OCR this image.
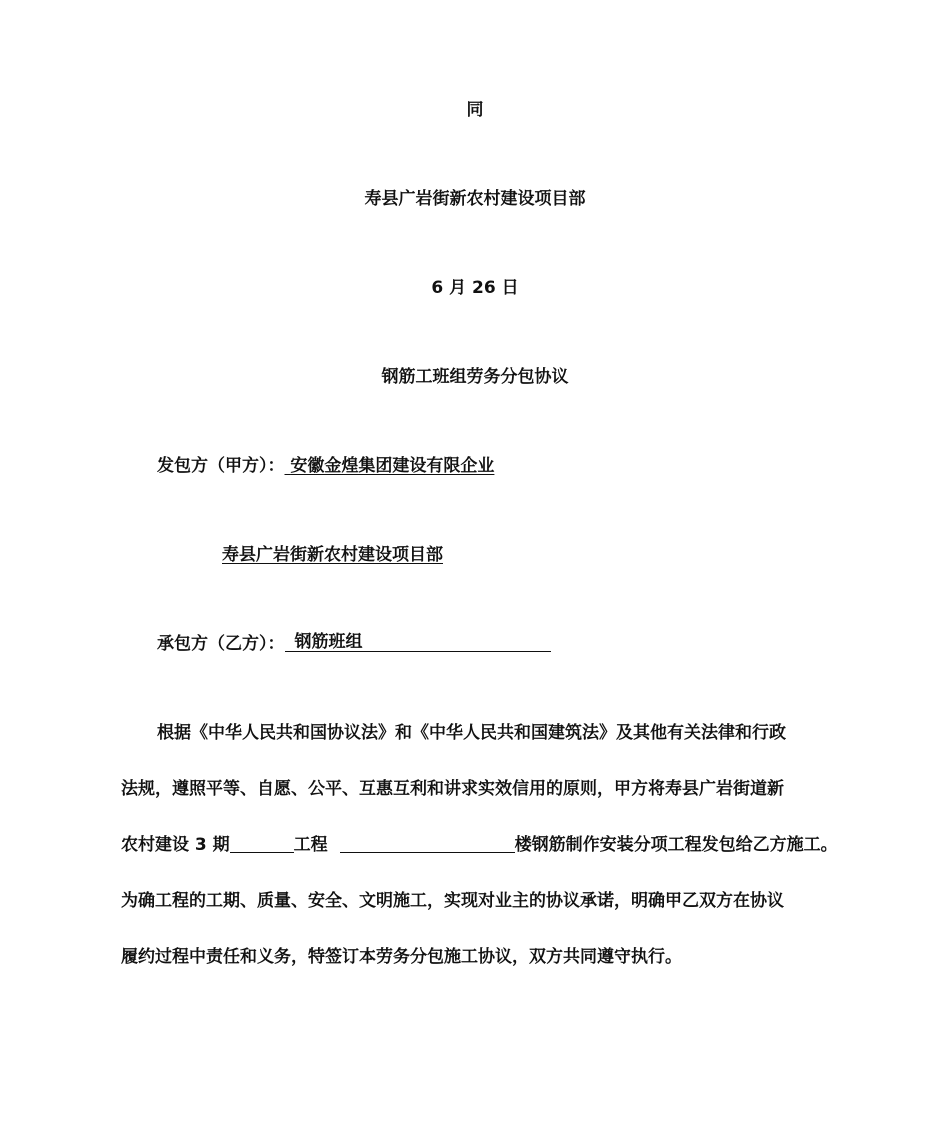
同
寿县广岩街新农村建设项目部
6 月 26 日
钢筋工班组劳务分包协议
发包方（甲方）： 安徽金煌集团建设有限企业
寿县广岩街新农村建设项目部
承包方（乙方）： 钢筋班组
根据《中华人民共和国协议法》和《中华人民共和国建筑法》及其他有关法律和行政
法规，遵照平等、自愿、公平、互惠互利和讲求实效信用的原则，甲方将寿县广岩街道新
农村建设 3 期	工程	楼钢筋制作安装分项工程发包给乙方施工。
为确工程的工期、质量、安全、文明施工，实现对业主的协议承诺，明确甲乙双方在协议
履约过程中责任和义务，特签订本劳务分包施工协议，双方共同遵守执行。
